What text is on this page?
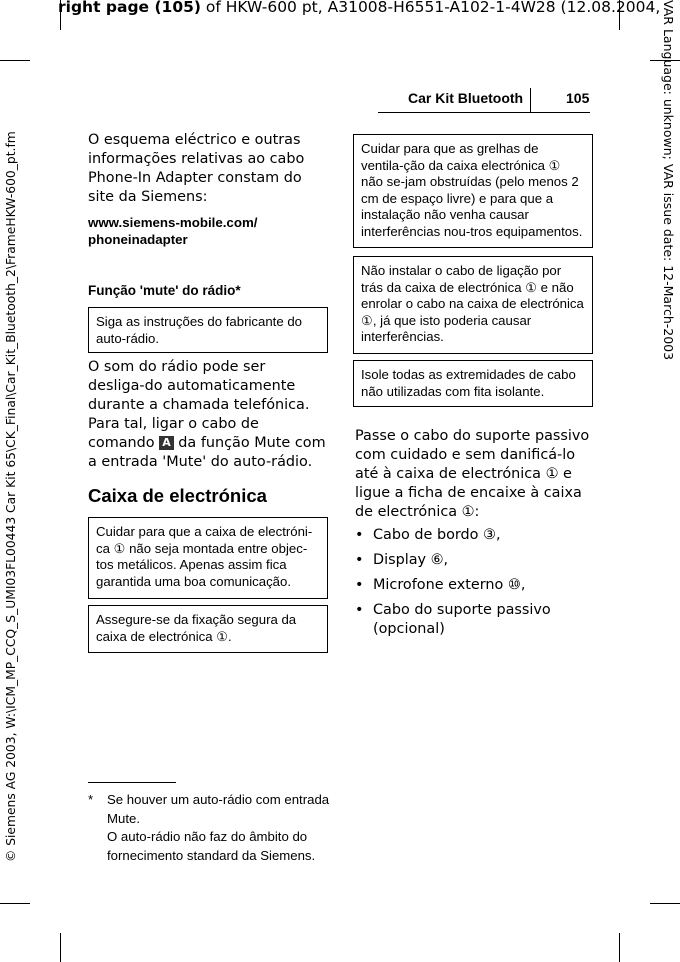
right page (105) of HKW-600 pt, A31008-H6551-A102-1-4W28 (12.08.2004,
© Siemens AG 2003, W:\ICM_MP_CCQ_S_UMI03FL00443 Car Kit 65\CK_Final\Car_Kit_Bluetooth_2\FrameHKW-600_pt.fm	VAR Language: unknown; VAR issue date: 12-March-2003
Car Kit Bluetooth	105
O esquema eléctrico e outras informações relativas ao cabo Phone-In Adapter constam do site da Siemens:
www.siemens-mobile.com/ phoneinadapter
Função 'mute' do rádio*
Siga as instruções do fabricante do auto-rádio.
O som do rádio pode ser desliga-do automaticamente durante a chamada telefónica. Para tal, ligar o cabo de comando A da função Mute com a entrada 'Mute' do auto-rádio.
Caixa de electrónica
Cuidar para que a caixa de electróni-ca ① não seja montada entre objec-tos metálicos. Apenas assim fica garantida uma boa comunicação.
Assegure-se da fixação segura da caixa de electrónica ①.
* Se houver um auto-rádio com entrada Mute.
O auto-rádio não faz do âmbito do fornecimento standard da Siemens.
Cuidar para que as grelhas de ventila-ção da caixa electrónica ① não se-jam obstruídas (pelo menos 2 cm de espaço livre) e para que a instalação não venha causar interferências nou-tros equipamentos.
Não instalar o cabo de ligação por trás da caixa de electrónica ① e não enrolar o cabo na caixa de electrónica ①, já que isto poderia causar interferências.
Isole todas as extremidades de cabo não utilizadas com fita isolante.
Passe o cabo do suporte passivo com cuidado e sem danificá-lo até à caixa de electrónica ① e ligue a ficha de encaixe à caixa de electrónica ①:
• Cabo de bordo ③,
• Display ⑥,
• Microfone externo ⑩,
• Cabo do suporte passivo (opcional)
